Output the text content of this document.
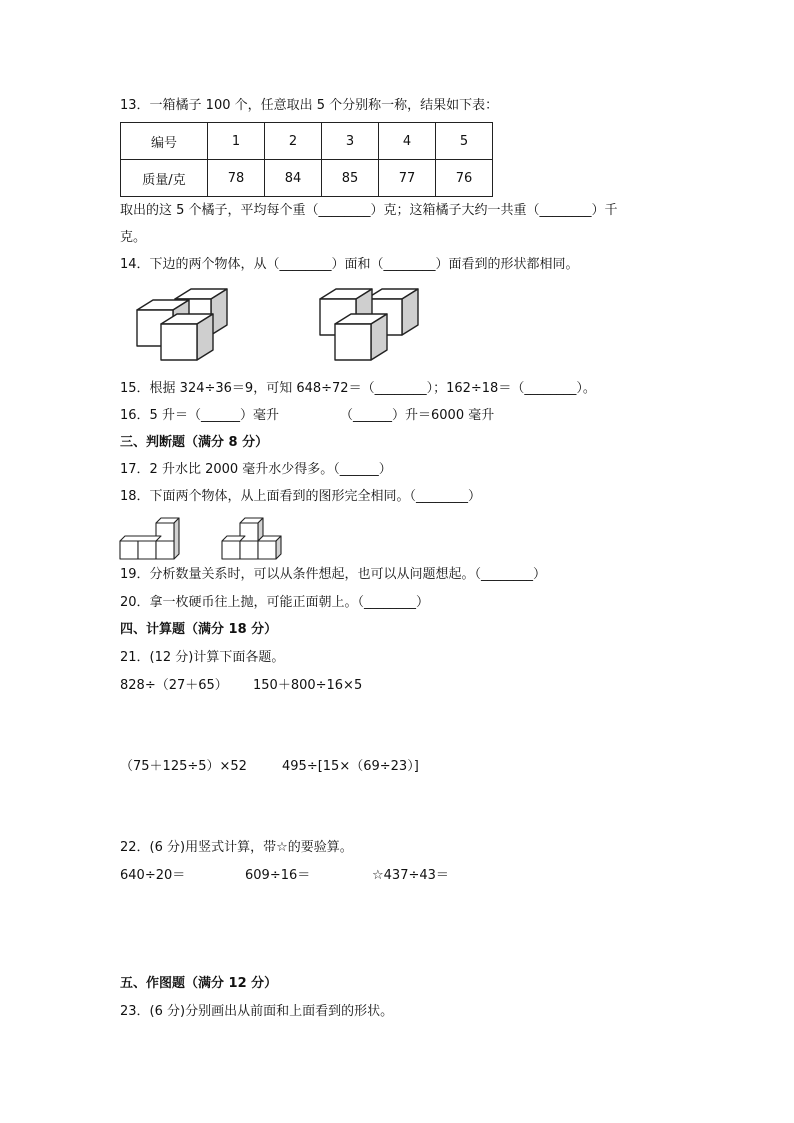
13．一箱橘子 100 个，任意取出 5 个分别称一称，结果如下表：
编号	1	2	3	4	5
质量/克	78	84	85	77	76
取出的这 5 个橘子，平均每个重（________）克；这箱橘子大约一共重（________）千
克。
14．下边的两个物体，从（________）面和（________）面看到的形状都相同。
15．根据 324÷36＝9，可知 648÷72＝（________）；162÷18＝（________）。
16．5 升＝（______）毫升	（______）升＝6000 毫升
三、判断题（满分 8 分）
17．2 升水比 2000 毫升水少得多。（______）
18．下面两个物体，从上面看到的图形完全相同。（________）
19．分析数量关系时，可以从条件想起，也可以从问题想起。（________）
20．拿一枚硬币往上抛，可能正面朝上。（________）
四、计算题（满分 18 分）
21．(12 分)计算下面各题。
828÷（27＋65） 150＋800÷16×5
（75＋125÷5）×52	495÷[15×（69÷23）]
22．(6 分)用竖式计算，带☆的要验算。
640÷20＝	609÷16＝	☆437÷43＝
五、作图题（满分 12 分）
23．(6 分)分别画出从前面和上面看到的形状。
